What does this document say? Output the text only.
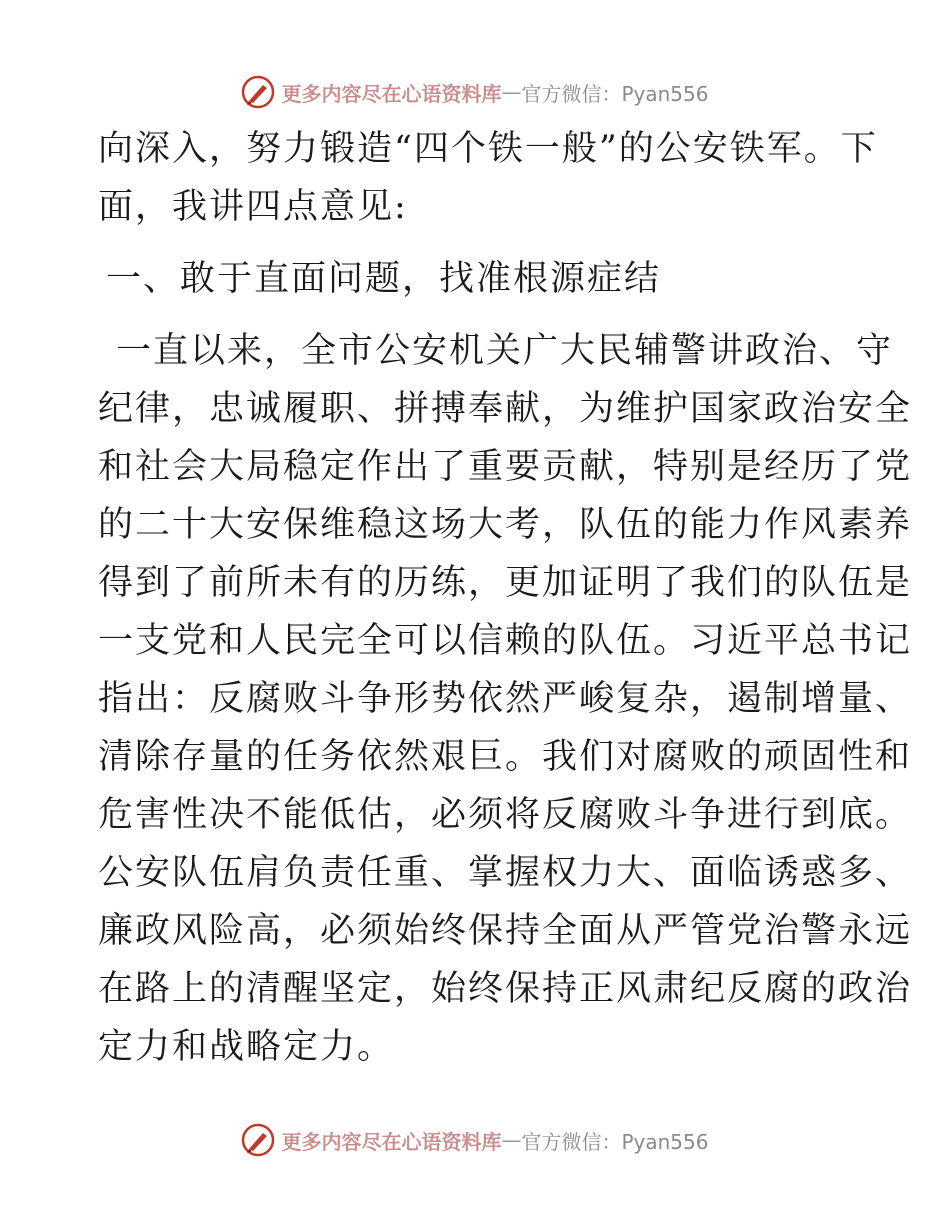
更多内容尽在心语资料库 — 官方微信：Pyan556
向深入，努力锻造“四个铁一般”的公安铁军。下
面，我讲四点意见:
一、敢于直面问题，找准根源症结
一直以来，全市公安机关广大民辅警讲政治、守
纪律，忠诚履职、拼搏奉献，为维护国家政治安全
和社会大局稳定作出了重要贡献，特别是经历了党
的二十大安保维稳这场大考，队伍的能力作风素养
得到了前所未有的历练，更加证明了我们的队伍是
一支党和人民完全可以信赖的队伍。习近平总书记
指出：反腐败斗争形势依然严峻复杂，遏制增量、
清除存量的任务依然艰巨。我们对腐败的顽固性和
危害性决不能低估，必须将反腐败斗争进行到底。
公安队伍肩负责任重、掌握权力大、面临诱惑多、
廉政风险高，必须始终保持全面从严管党治警永远
在路上的清醒坚定，始终保持正风肃纪反腐的政治
定力和战略定力。
更多内容尽在心语资料库 — 官方微信：Pyan556
